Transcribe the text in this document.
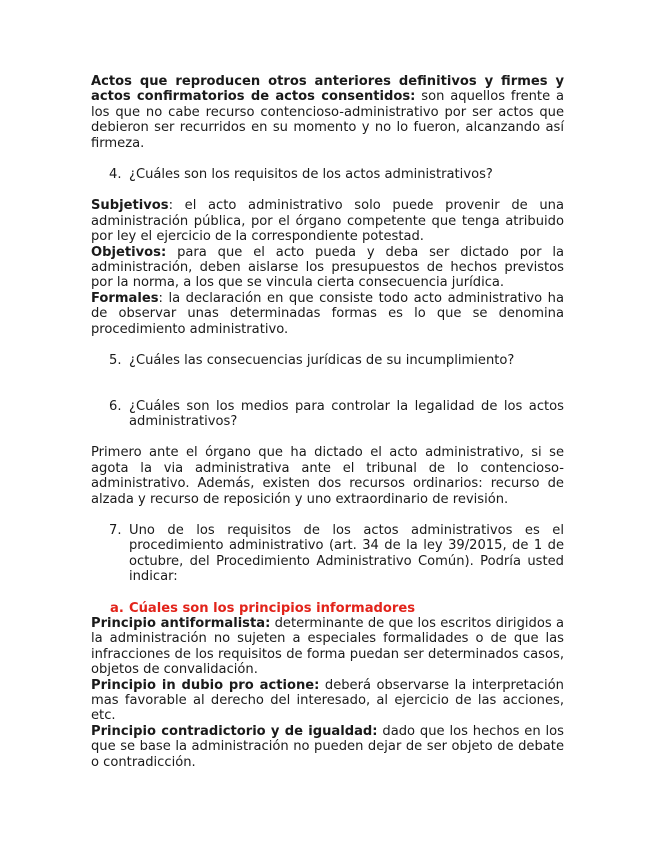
Actos que reproducen otros anteriores definitivos y firmes y actos confirmatorios de actos consentidos: son aquellos frente a los que no cabe recurso contencioso-administrativo por ser actos que debieron ser recurridos en su momento y no lo fueron, alcanzando así firmeza.

4. ¿Cuáles son los requisitos de los actos administrativos?

Subjetivos: el acto administrativo solo puede provenir de una administración pública, por el órgano competente que tenga atribuido por ley el ejercicio de la correspondiente potestad.

Objetivos: para que el acto pueda y deba ser dictado por la administración, deben aislarse los presupuestos de hechos previstos por la norma, a los que se vincula cierta consecuencia jurídica.

Formales: la declaración en que consiste todo acto administrativo ha de observar unas determinadas formas es lo que se denomina procedimiento administrativo.

5. ¿Cuáles las consecuencias jurídicas de su incumplimiento?
6. ¿Cuáles son los medios para controlar la legalidad de los actos administrativos?

Primero ante el órgano que ha dictado el acto administrativo, si se agota la via administrativa ante el tribunal de lo contencioso-administrativo. Además, existen dos recursos ordinarios: recurso de alzada y recurso de reposición y uno extraordinario de revisión.

7. Uno de los requisitos de los actos administrativos es el procedimiento administrativo (art. 34 de la ley 39/2015, de 1 de octubre, del Procedimiento Administrativo Común). Podría usted indicar:
a. Cúales son los principios informadores

Principio antiformalista: determinante de que los escritos dirigidos a la administración no sujeten a especiales formalidades o de que las infracciones de los requisitos de forma puedan ser determinados casos, objetos de convalidación.

Principio in dubio pro actione: deberá observarse la interpretación mas favorable al derecho del interesado, al ejercicio de las acciones, etc.

Principio contradictorio y de igualdad: dado que los hechos en los que se base la administración no pueden dejar de ser objeto de debate o contradicción.
